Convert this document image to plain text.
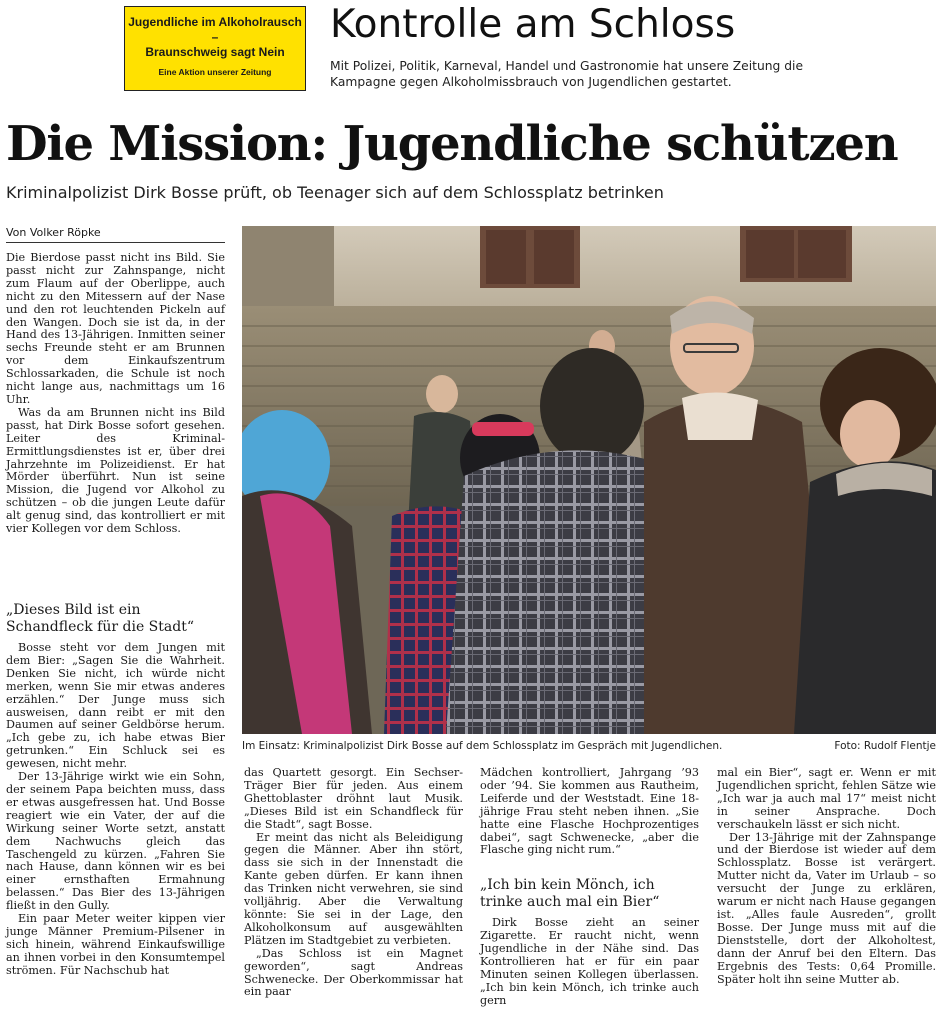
Jugendliche im Alkoholrausch
–
Braunschweig sagt Nein
Eine Aktion unserer Zeitung
Kontrolle am Schloss
Mit Polizei, Politik, Karneval, Handel und Gastronomie hat unsere Zeitung die Kampagne gegen Alkoholmissbrauch von Jugendlichen gestartet.
Die Mission: Jugendliche schützen
Kriminalpolizist Dirk Bosse prüft, ob Teenager sich auf dem Schlossplatz betrinken
Von Volker Röpke

Die Bierdose passt nicht ins Bild. Sie passt nicht zur Zahnspange, nicht zum Flaum auf der Oberlippe, auch nicht zu den Mitessern auf der Nase und den rot leuchtenden Pickeln auf den Wangen. Doch sie ist da, in der Hand des 13-Jährigen. Inmitten seiner sechs Freunde steht er am Brunnen vor dem Einkaufszentrum Schlossarkaden, die Schule ist noch nicht lange aus, nachmittags um 16 Uhr.

Was da am Brunnen nicht ins Bild passt, hat Dirk Bosse sofort gesehen. Leiter des Kriminal-Ermittlungsdienstes ist er, über drei Jahrzehnte im Polizeidienst. Er hat Mörder überführt. Nun ist seine Mission, die Jugend vor Alkohol zu schützen – ob die jungen Leute dafür alt genug sind, das kontrolliert er mit vier Kollegen vor dem Schloss.

„Dieses Bild ist ein Schandfleck für die Stadt“

Bosse steht vor dem Jungen mit dem Bier: „Sagen Sie die Wahrheit. Denken Sie nicht, ich würde nicht merken, wenn Sie mir etwas anderes erzählen.“ Der Junge muss sich ausweisen, dann reibt er mit den Daumen auf seiner Geldbörse herum. „Ich gebe zu, ich habe etwas Bier getrunken.“ Ein Schluck sei es gewesen, nicht mehr.

Der 13-Jährige wirkt wie ein Sohn, der seinem Papa beichten muss, dass er etwas ausgefressen hat. Und Bosse reagiert wie ein Vater, der auf die Wirkung seiner Worte setzt, anstatt dem Nachwuchs gleich das Taschengeld zu kürzen. „Fahren Sie nach Hause, dann können wir es bei einer ernsthaften Ermahnung belassen.“ Das Bier des 13-Jährigen fließt in den Gully.

Ein paar Meter weiter kippen vier junge Männer Premium-Pilsener in sich hinein, während Einkaufswillige an ihnen vorbei in den Konsumtempel strömen. Für Nachschub hat

Im Einsatz: Kriminalpolizist Dirk Bosse auf dem Schlossplatz im Gespräch mit Jugendlichen.	Foto: Rudolf Flentje

das Quartett gesorgt. Ein Sechser-Träger Bier für jeden. Aus einem Ghettoblaster dröhnt laut Musik. „Dieses Bild ist ein Schandfleck für die Stadt“, sagt Bosse.

Er meint das nicht als Beleidigung gegen die Männer. Aber ihn stört, dass sie sich in der Innenstadt die Kante geben dürfen. Er kann ihnen das Trinken nicht verwehren, sie sind volljährig. Aber die Verwaltung könnte: Sie sei in der Lage, den Alkoholkonsum auf ausgewählten Plätzen im Stadtgebiet zu verbieten.

„Das Schloss ist ein Magnet geworden“, sagt Andreas Schwenecke. Der Oberkommissar hat ein paar

Mädchen kontrolliert, Jahrgang ’93 oder ’94. Sie kommen aus Rautheim, Leiferde und der Weststadt. Eine 18-jährige Frau steht neben ihnen. „Sie hatte eine Flasche Hochprozentiges dabei“, sagt Schwenecke, „aber die Flasche ging nicht rum.“

„Ich bin kein Mönch, ich trinke auch mal ein Bier“

Dirk Bosse zieht an seiner Zigarette. Er raucht nicht, wenn Jugendliche in der Nähe sind. Das Kontrollieren hat er für ein paar Minuten seinen Kollegen überlassen. „Ich bin kein Mönch, ich trinke auch gern

mal ein Bier“, sagt er. Wenn er mit Jugendlichen spricht, fehlen Sätze wie „Ich war ja auch mal 17“ meist nicht in seiner Ansprache. Doch verschaukeln lässt er sich nicht.

Der 13-Jährige mit der Zahnspange und der Bierdose ist wieder auf dem Schlossplatz. Bosse ist verärgert. Mutter nicht da, Vater im Urlaub – so versucht der Junge zu erklären, warum er nicht nach Hause gegangen ist. „Alles faule Ausreden“, grollt Bosse. Der Junge muss mit auf die Dienststelle, dort der Alkoholtest, dann der Anruf bei den Eltern. Das Ergebnis des Tests: 0,64 Promille. Später holt ihn seine Mutter ab.
